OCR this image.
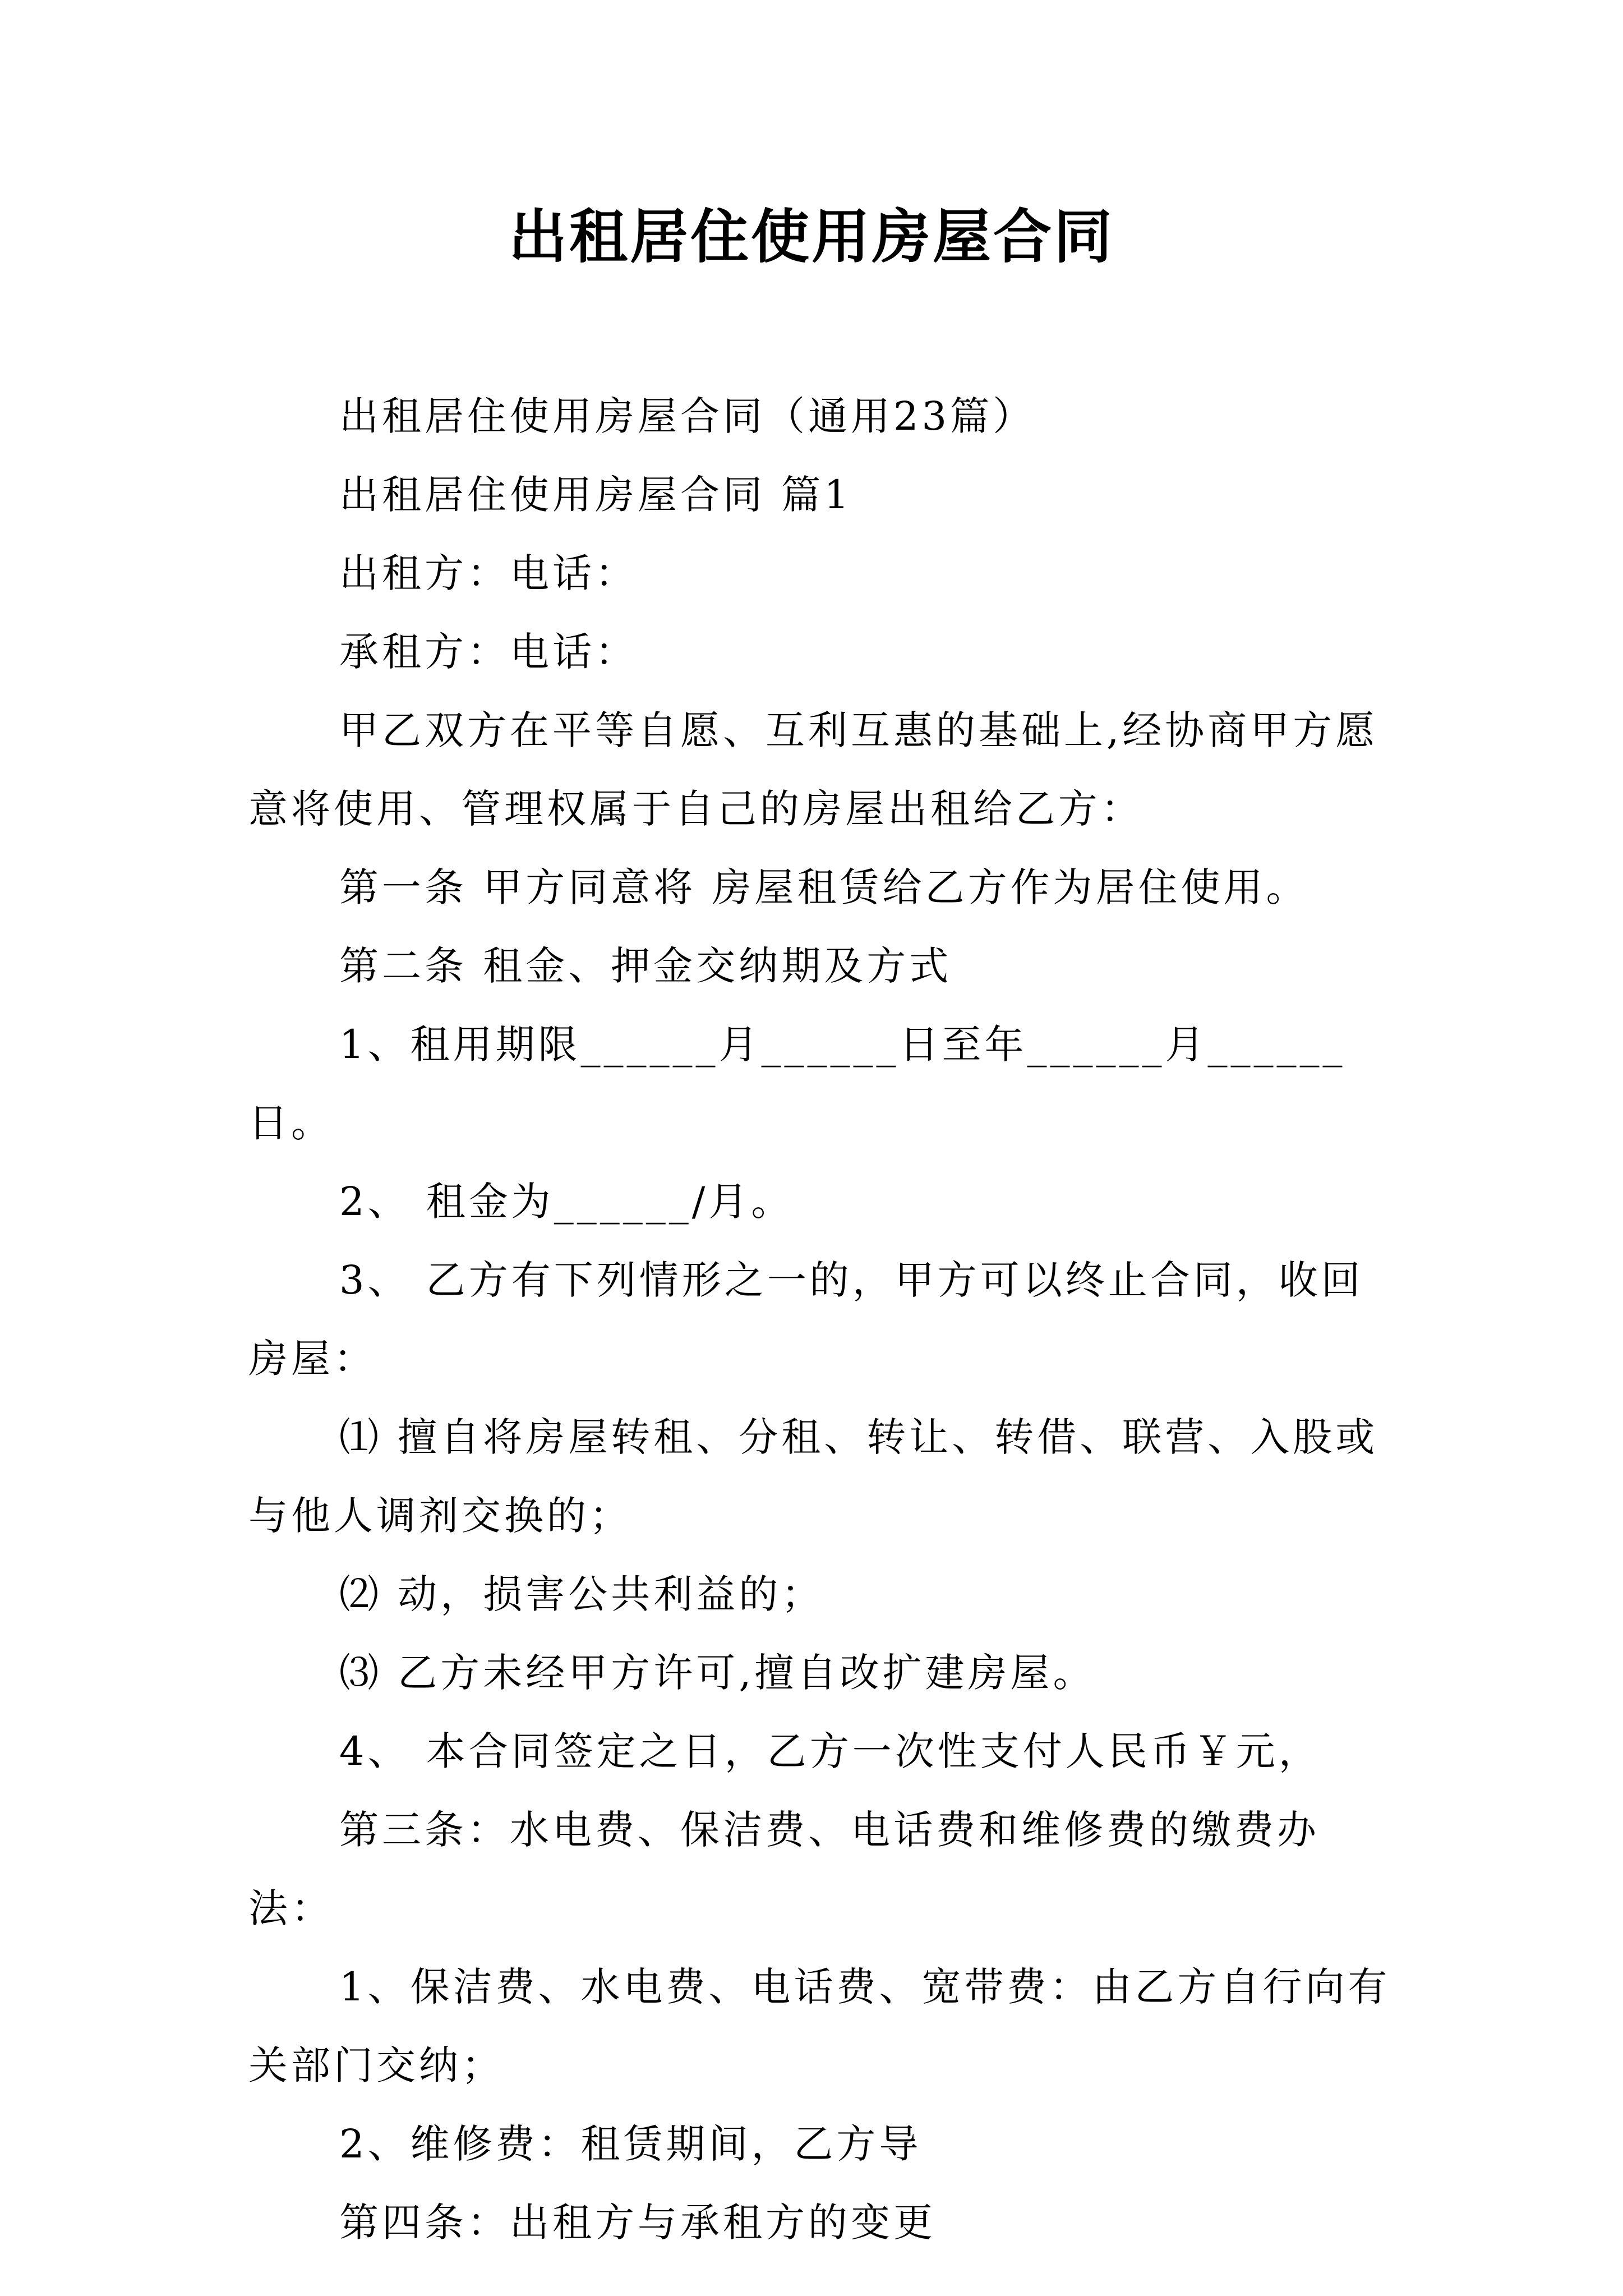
出租居住使用房屋合同

出租居住使用房屋合同（通用23篇）

出租居住使用房屋合同 篇1

出租方：电话：

承租方：电话：

甲乙双方在平等自愿、互利互惠的基础上,经协商甲方愿意将使用、管理权属于自己的房屋出租给乙方：

第一条 甲方同意将 房屋租赁给乙方作为居住使用。

第二条 租金、押金交纳期及方式

1、租用期限______月______日至年______月______日。

2、 租金为______/月。

3、 乙方有下列情形之一的，甲方可以终止合同，收回房屋：

⑴ 擅自将房屋转租、分租、转让、转借、联营、入股或与他人调剂交换的；

⑵ 动，损害公共利益的；

⑶ 乙方未经甲方许可,擅自改扩建房屋。

4、 本合同签定之日，乙方一次性支付人民币￥元，

第三条：水电费、保洁费、电话费和维修费的缴费办法：

1、保洁费、水电费、电话费、宽带费：由乙方自行向有关部门交纳；

2、维修费：租赁期间，乙方导

第四条：出租方与承租方的变更
